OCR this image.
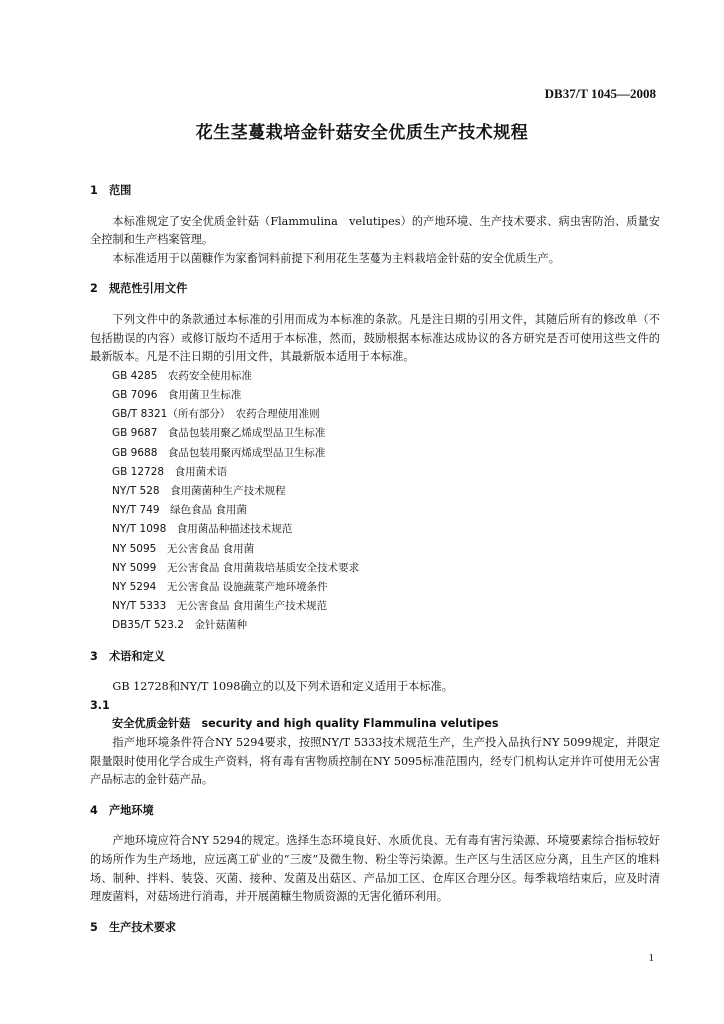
DB37/T 1045—2008
花生茎蔓栽培金针菇安全优质生产技术规程

1　范围

本标准规定了安全优质金针菇（Flammulina　velutipes）的产地环境、生产技术要求、病虫害防治、质量安全控制和生产档案管理。

本标准适用于以菌糠作为家畜饲料前提下利用花生茎蔓为主料栽培金针菇的安全优质生产。

2　规范性引用文件

下列文件中的条款通过本标准的引用而成为本标准的条款。凡是注日期的引用文件，其随后所有的修改单（不包括勘误的内容）或修订版均不适用于本标准，然而，鼓励根据本标准达成协议的各方研究是否可使用这些文件的最新版本。凡是不注日期的引用文件，其最新版本适用于本标准。

GB 4285　农药安全使用标准

GB 7096　食用菌卫生标准

GB/T 8321（所有部分）　农药合理使用准则

GB 9687　食品包装用聚乙烯成型品卫生标准

GB 9688　食品包装用聚丙烯成型品卫生标准

GB 12728　食用菌术语

NY/T 528　食用菌菌种生产技术规程

NY/T 749　绿色食品 食用菌

NY/T 1098　食用菌品种描述技术规范

NY 5095　无公害食品 食用菌

NY 5099　无公害食品 食用菌栽培基质安全技术要求

NY 5294　无公害食品 设施蔬菜产地环境条件

NY/T 5333　无公害食品 食用菌生产技术规范

DB35/T 523.2　金针菇菌种

3　术语和定义

GB 12728和NY/T 1098确立的以及下列术语和定义适用于本标准。

3.1

安全优质金针菇　security and high quality Flammulina velutipes

指产地环境条件符合NY 5294要求，按照NY/T 5333技术规范生产，生产投入品执行NY 5099规定，并限定限量限时使用化学合成生产资料，将有毒有害物质控制在NY 5095标准范围内，经专门机构认定并许可使用无公害产品标志的金针菇产品。

4　产地环境

产地环境应符合NY 5294的规定。选择生态环境良好、水质优良、无有毒有害污染源、环境要素综合指标较好的场所作为生产场地，应远离工矿业的“三废”及微生物、粉尘等污染源。生产区与生活区应分离，且生产区的堆料场、制种、拌料、装袋、灭菌、接种、发菌及出菇区、产品加工区、仓库区合理分区。每季栽培结束后，应及时清理废菌料，对菇场进行消毒，并开展菌糠生物质资源的无害化循环利用。

5　生产技术要求

1
